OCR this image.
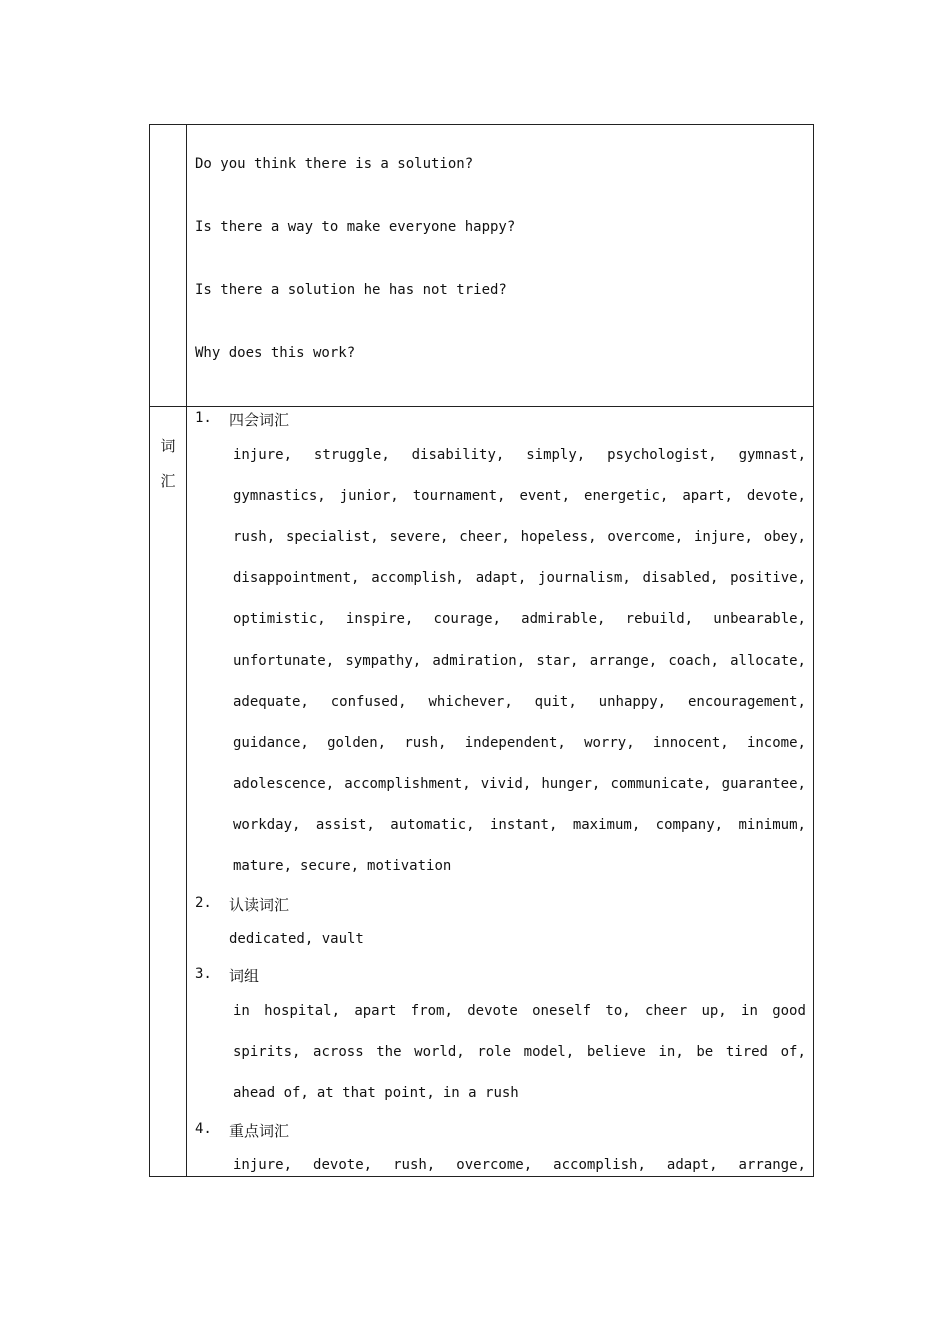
Do you think there is a solution?
Is there a way to make everyone happy?
Is there a solution he has not tried?
Why does this work?
词
汇
1. 四会词汇
injure, struggle, disability, simply, psychologist, gymnast,
gymnastics, junior, tournament, event, energetic, apart, devote,
rush, specialist, severe, cheer, hopeless, overcome, injure, obey,
disappointment, accomplish, adapt, journalism, disabled, positive,
optimistic, inspire, courage, admirable, rebuild, unbearable,
unfortunate, sympathy, admiration, star, arrange, coach, allocate,
adequate, confused, whichever, quit, unhappy, encouragement,
guidance, golden, rush, independent, worry, innocent, income,
adolescence, accomplishment, vivid, hunger, communicate, guarantee,
workday, assist, automatic, instant, maximum, company, minimum,
mature, secure, motivation
2. 认读词汇
dedicated, vault
3. 词组
in hospital, apart from, devote oneself to, cheer up, in good
spirits, across the world, role model, believe in, be tired of,
ahead of, at that point, in a rush
4. 重点词汇
injure, devote, rush, overcome, accomplish, adapt, arrange,
